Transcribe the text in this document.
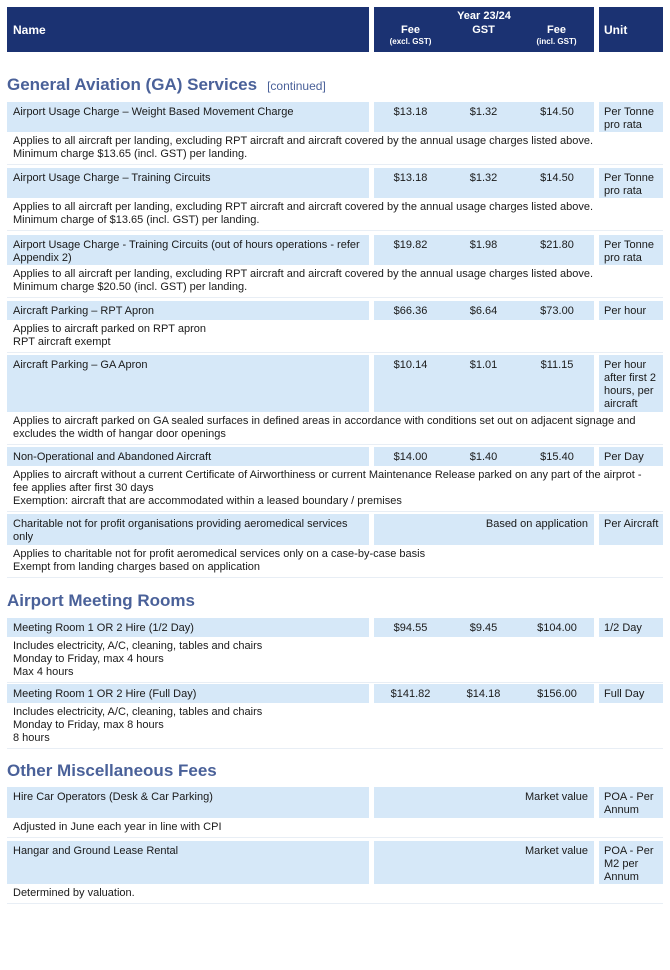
Name
Year 23/24
Fee
(excl. GST)
GST	Fee
(incl. GST)
Unit
General Aviation (GA) Services [continued]
Airport Usage Charge – Weight Based Movement Charge	$13.18	$1.32	$14.50	Per Tonne pro rata
Applies to all aircraft per landing, excluding RPT aircraft and aircraft covered by the annual usage charges listed above.
Minimum charge $13.65 (incl. GST) per landing.
Airport Usage Charge – Training Circuits	$13.18	$1.32	$14.50	Per Tonne pro rata
Applies to all aircraft per landing, excluding RPT aircraft and aircraft covered by the annual usage charges listed above.
Minimum charge of $13.65 (incl. GST) per landing.
Airport Usage Charge - Training Circuits (out of hours operations - refer Appendix 2)
$19.82	$1.98	$21.80	Per Tonne pro rata
Applies to all aircraft per landing, excluding RPT aircraft and aircraft covered by the annual usage charges listed above.
Minimum charge $20.50 (incl. GST) per landing.
Aircraft Parking – RPT Apron	$66.36	$6.64	$73.00	Per hour
Applies to aircraft parked on RPT apron
RPT aircraft exempt
Aircraft Parking – GA Apron	$10.14	$1.01	$11.15	Per hour after first 2 hours, per aircraft
Applies to aircraft parked on GA sealed surfaces in defined areas in accordance with conditions set out on adjacent signage and excludes the width of hangar door openings
Non-Operational and Abandoned Aircraft	$14.00	$1.40	$15.40	Per Day
Applies to aircraft without a current Certificate of Airworthiness or current Maintenance Release parked on any part of the airprot - fee applies after first 30 days
Exemption: aircraft that are accommodated within a leased boundary / premises
Charitable not for profit organisations providing aeromedical services only
Based on application	Per Aircraft
Applies to charitable not for profit aeromedical services only on a case-by-case basis
Exempt from landing charges based on application
Airport Meeting Rooms
Meeting Room 1 OR 2 Hire (1/2 Day)	$94.55	$9.45	$104.00	1/2 Day
Includes electricity, A/C, cleaning, tables and chairs
Monday to Friday, max 4 hours
Max 4 hours
Meeting Room 1 OR 2 Hire (Full Day)	$141.82	$14.18	$156.00	Full Day
Includes electricity, A/C, cleaning, tables and chairs
Monday to Friday, max 8 hours
8 hours
Other Miscellaneous Fees
Hire Car Operators (Desk & Car Parking)	Market value	POA - Per Annum
Adjusted in June each year in line with CPI
Hangar and Ground Lease Rental	Market value	POA - Per M2 per Annum
Determined by valuation.
